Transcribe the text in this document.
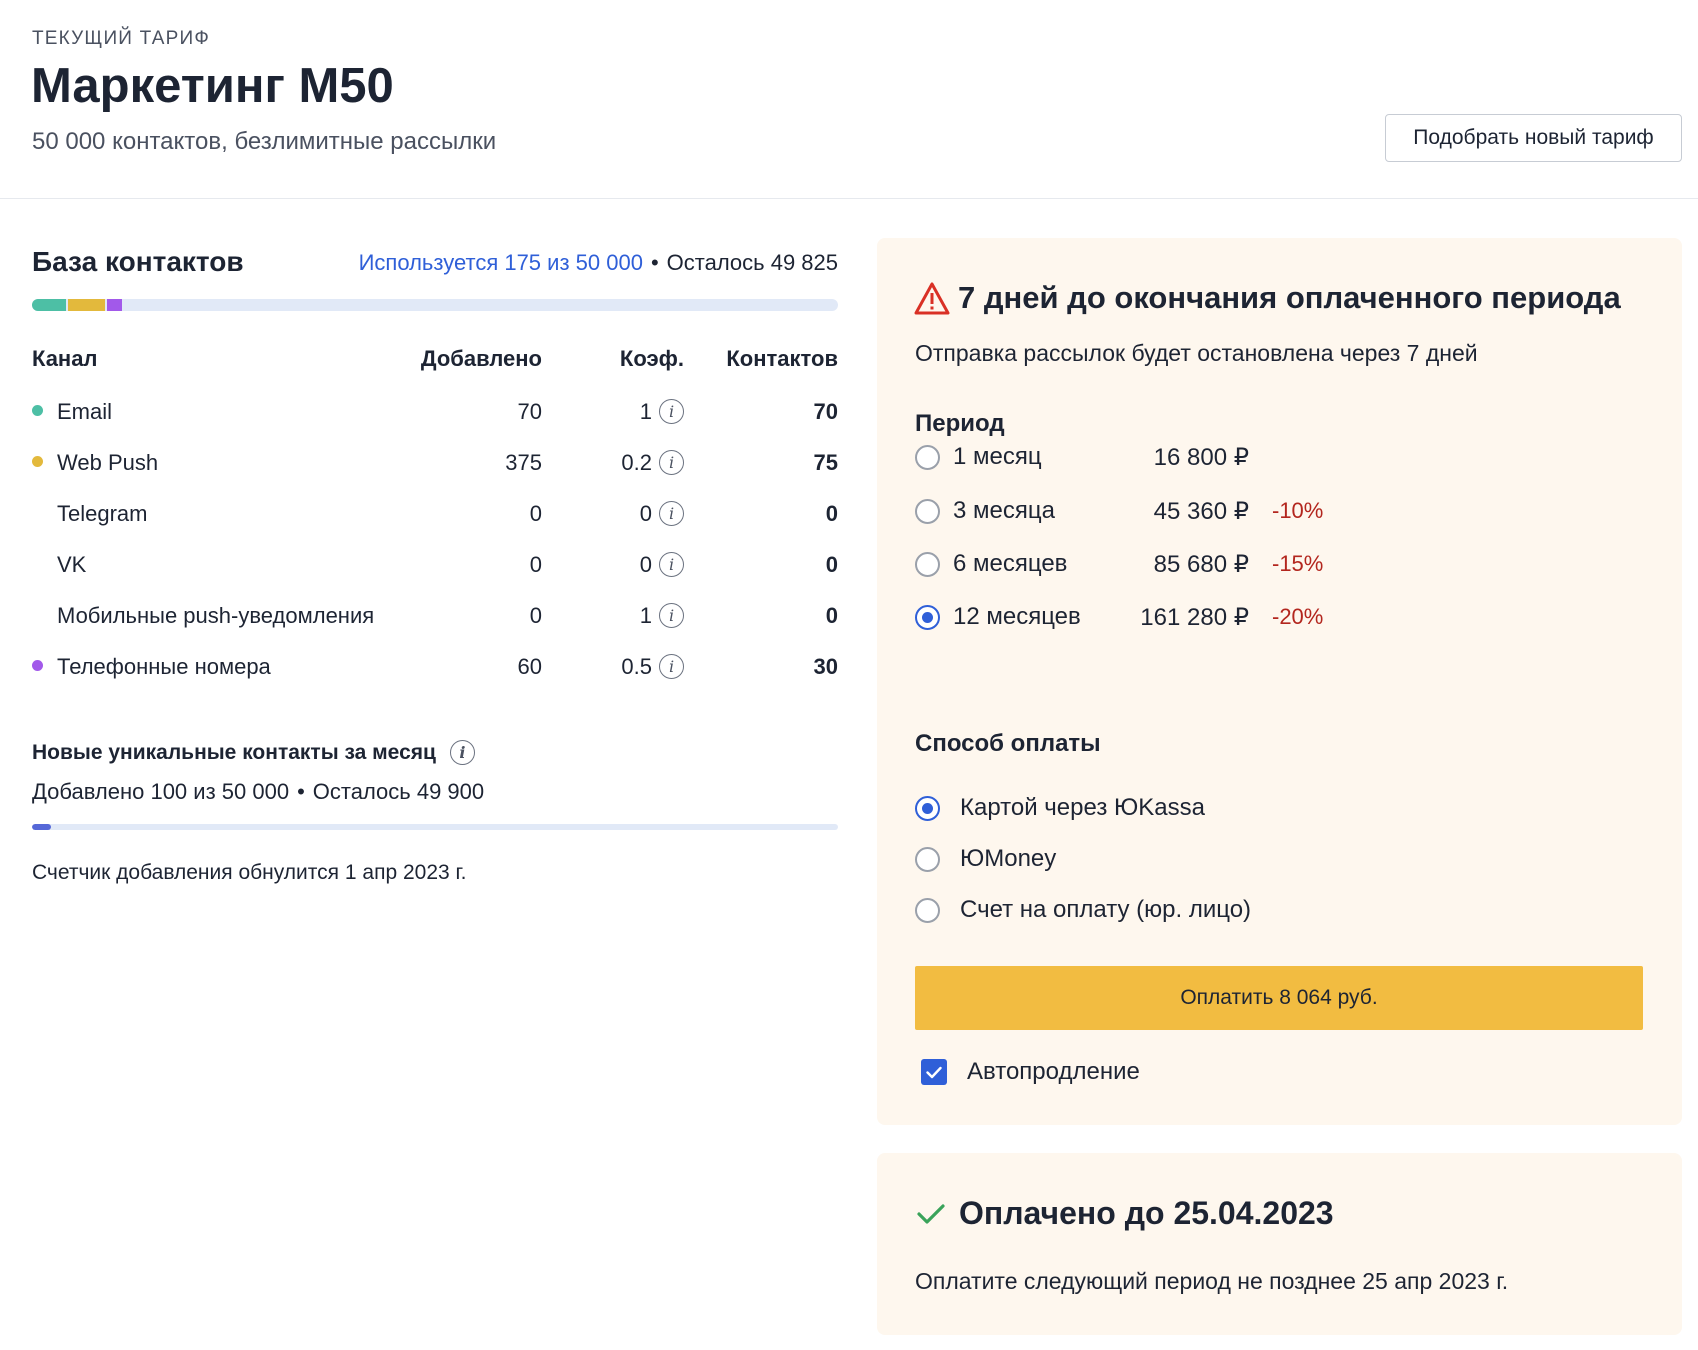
ТЕКУЩИЙ ТАРИФ
Маркетинг M50
50 000 контактов, безлимитные рассылки	Подобрать новый тариф
База контактов	Используется 175 из 50 000 • Осталось 49 825
Канал	Добавлено	Коэф.	Контактов
Email	70	1 i	70
Web Push	375	0.2 i	75
Telegram	0	0 i	0
VK	0	0 i	0
Мобильные push-уведомления	0	1 i	0
Телефонные номера	60	0.5 i	30
Новые уникальные контакты за месяц	i
Добавлено 100 из 50 000 • Осталось 49 900
Счетчик добавления обнулится 1 апр 2023 г.
7 дней до окончания оплаченного периода
Отправка рассылок будет остановлена через 7 дней
Период
1 месяц	16 800 ₽
3 месяца	45 360 ₽ -10%
6 месяцев	85 680 ₽ -15%
12 месяцев 161 280 ₽ -20%
Способ оплаты
Картой через ЮKassa
ЮMoney
Счет на оплату (юр. лицо)
Оплатить 8 064 руб.
Автопродление
Оплачено до 25.04.2023
Оплатите следующий период не позднее 25 апр 2023 г.
